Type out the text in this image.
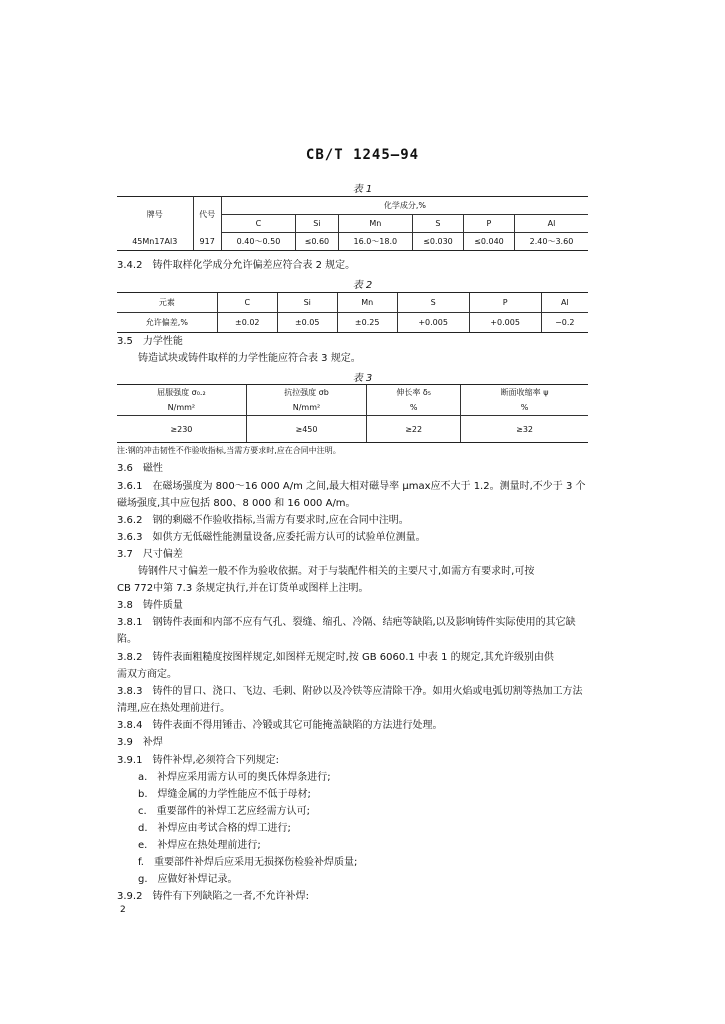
CB/T 1245—94
表 1
牌号	代号	化学成分,%					
		C	Si	Mn	S	P	Al
45Mn17Al3	917	0.40～0.50	≤0.60	16.0～18.0	≤0.030	≤0.040	2.40～3.60
3.4.2　铸件取样化学成分允许偏差应符合表 2 规定。
表 2
元素	C	Si	Mn	S	P	Al
允许偏差,%	±0.02	±0.05	±0.25	+0.005	+0.005	−0.2
3.5　力学性能
铸造试块或铸件取样的力学性能应符合表 3 规定。
表 3
屈服强度 σ₀.₂	抗拉强度 σb	伸长率 δ₅	断面收缩率 ψ
N/mm²	N/mm²	%	%
≥230	≥450	≥22	≥32
注:钢的冲击韧性不作验收指标,当需方要求时,应在合同中注明。
3.6　磁性
3.6.1　在磁场强度为 800～16 000 A/m 之间,最大相对磁导率 μmax应不大于 1.2。测量时,不少于 3 个
磁场强度,其中应包括 800、8 000 和 16 000 A/m。
3.6.2　钢的剩磁不作验收指标,当需方有要求时,应在合同中注明。
3.6.3　如供方无低磁性能测量设备,应委托需方认可的试验单位测量。
3.7　尺寸偏差
铸钢件尺寸偏差一般不作为验收依据。对于与装配件相关的主要尺寸,如需方有要求时,可按
CB 772中第 7.3 条规定执行,并在订货单或图样上注明。
3.8　铸件质量
3.8.1　钢铸件表面和内部不应有气孔、裂缝、缩孔、冷隔、结疤等缺陷,以及影响铸件实际使用的其它缺
陷。
3.8.2　铸件表面粗糙度按图样规定,如图样无规定时,按 GB 6060.1 中表 1 的规定,其允许级别由供
需双方商定。
3.8.3　铸件的冒口、浇口、飞边、毛刺、附砂以及冷铁等应清除干净。如用火焰或电弧切割等热加工方法
清理,应在热处理前进行。
3.8.4　铸件表面不得用锤击、冷锻或其它可能掩盖缺陷的方法进行处理。
3.9　补焊
3.9.1　铸件补焊,必须符合下列规定:
a.　补焊应采用需方认可的奥氏体焊条进行;
b.　焊缝金属的力学性能应不低于母材;
c.　重要部件的补焊工艺应经需方认可;
d.　补焊应由考试合格的焊工进行;
e.　补焊应在热处理前进行;
f.　重要部件补焊后应采用无损探伤检验补焊质量;
g.　应做好补焊记录。
3.9.2　铸件有下列缺陷之一者,不允许补焊:
2
